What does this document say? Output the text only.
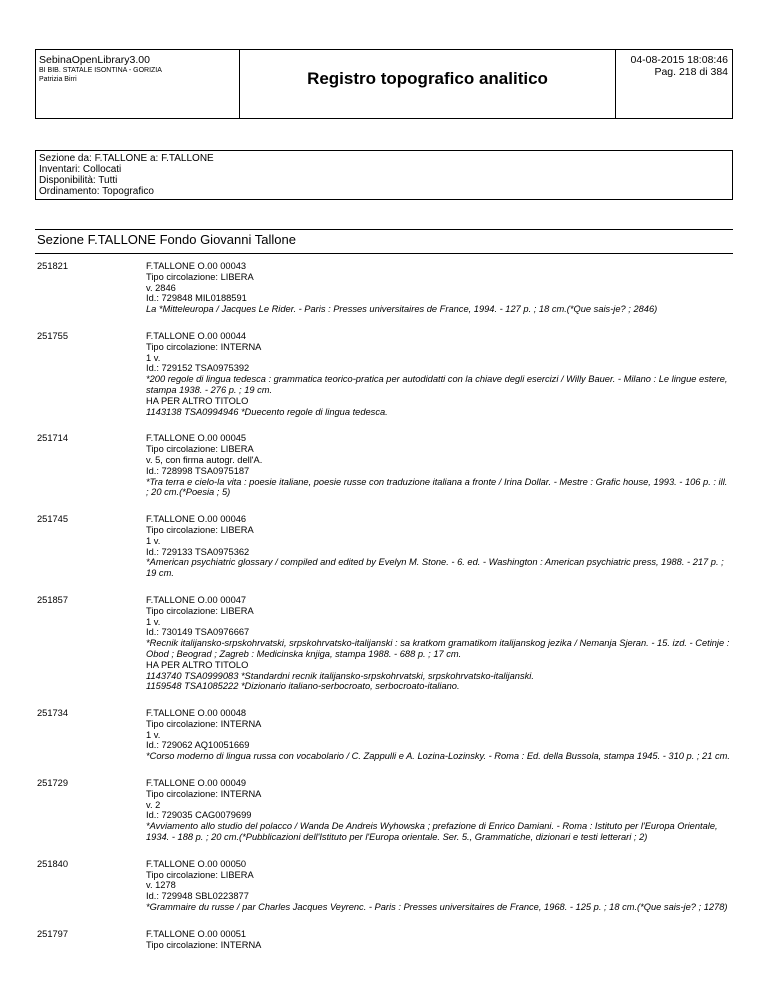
SebinaOpenLibrary3.00
BI BIB. STATALE ISONTINA - GORIZIA
Patrizia Birri	Registro topografico analitico
04-08-2015 18:08:46
Pag. 218 di 384
Sezione da: F.TALLONE a: F.TALLONE
Inventari: Collocati
Disponibilità: Tutti
Ordinamento: Topografico
Sezione F.TALLONE Fondo Giovanni Tallone
251821	F.TALLONE O.00 00043
Tipo circolazione: LIBERA
v. 2846
Id.: 729848 MIL0188591
La *Mitteleuropa / Jacques Le Rider. - Paris : Presses universitaires de France, 1994. - 127 p. ; 18 cm.(*Que sais-je? ; 2846)
251755	F.TALLONE O.00 00044
Tipo circolazione: INTERNA
1 v.
Id.: 729152 TSA0975392
*200 regole di lingua tedesca : grammatica teorico-pratica per autodidatti con la chiave degli esercizi / Willy Bauer. - Milano : Le lingue estere, stampa 1938. - 276 p. ; 19 cm.
HA PER ALTRO TITOLO
1143138 TSA0994946 *Duecento regole di lingua tedesca.
251714	F.TALLONE O.00 00045
Tipo circolazione: LIBERA
v. 5, con firma autogr. dell'A.
Id.: 728998 TSA0975187
*Tra terra e cielo-la vita : poesie italiane, poesie russe con traduzione italiana a fronte / Irina Dollar. - Mestre : Grafic house, 1993. - 106 p. : ill. ; 20 cm.(*Poesia ; 5)
251745	F.TALLONE O.00 00046
Tipo circolazione: LIBERA
1 v.
Id.: 729133 TSA0975362
*American psychiatric glossary / compiled and edited by Evelyn M. Stone. - 6. ed. - Washington : American psychiatric press, 1988. - 217 p. ; 19 cm.
251857	F.TALLONE O.00 00047
Tipo circolazione: LIBERA
1 v.
Id.: 730149 TSA0976667
*Recnik italijansko-srpskohrvatski, srpskohrvatsko-italijanski : sa kratkom gramatikom italijanskog jezika / Nemanja Sjeran. - 15. izd. - Cetinje : Obod ; Beograd ; Zagreb : Medicinska knjiga, stampa 1988. - 688 p. ; 17 cm.
HA PER ALTRO TITOLO
1143740 TSA0999083 *Standardni recnik italijansko-srpskohrvatski, srpskohrvatsko-italijanski.
1159548 TSA1085222 *Dizionario italiano-serbocroato, serbocroato-italiano.
251734	F.TALLONE O.00 00048
Tipo circolazione: INTERNA
1 v.
Id.: 729062 AQ10051669
*Corso moderno di lingua russa con vocabolario / C. Zappulli e A. Lozina-Lozinsky. - Roma : Ed. della Bussola, stampa 1945. - 310 p. ; 21 cm.
251729	F.TALLONE O.00 00049
Tipo circolazione: INTERNA
v. 2
Id.: 729035 CAG0079699
*Avviamento allo studio del polacco / Wanda De Andreis Wyhowska ; prefazione di Enrico Damiani. - Roma : Istituto per l'Europa Orientale, 1934. - 188 p. ; 20 cm.(*Pubblicazioni dell'Istituto per l'Europa orientale. Ser. 5., Grammatiche, dizionari e testi letterari ; 2)
251840	F.TALLONE O.00 00050
Tipo circolazione: LIBERA
v. 1278
Id.: 729948 SBL0223877
*Grammaire du russe / par Charles Jacques Veyrenc. - Paris : Presses universitaires de France, 1968. - 125 p. ; 18 cm.(*Que sais-je? ; 1278)
251797	F.TALLONE O.00 00051
Tipo circolazione: INTERNA
